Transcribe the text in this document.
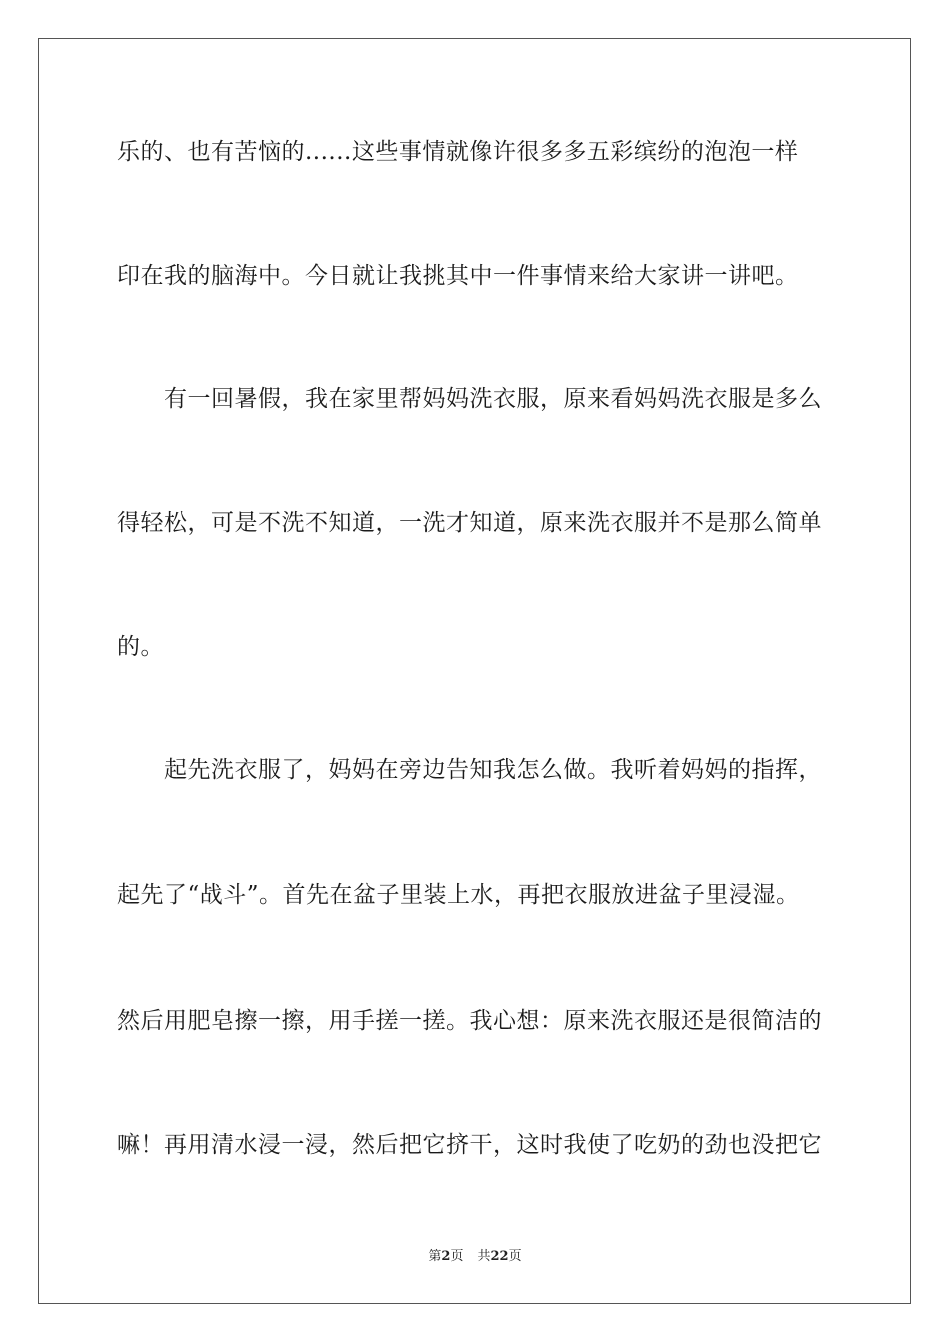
乐的、也有苦恼的......这些事情就像许很多多五彩缤纷的泡泡一样
印在我的脑海中。今日就让我挑其中一件事情来给大家讲一讲吧。
　　有一回暑假，我在家里帮妈妈洗衣服，原来看妈妈洗衣服是多么
得轻松，可是不洗不知道，一洗才知道，原来洗衣服并不是那么简单
的。
　　起先洗衣服了，妈妈在旁边告知我怎么做。我听着妈妈的指挥，
起先了“战斗”。首先在盆子里装上水，再把衣服放进盆子里浸湿。
然后用肥皂擦一擦，用手搓一搓。我心想：原来洗衣服还是很简洁的
嘛！再用清水浸一浸，然后把它挤干，这时我使了吃奶的劲也没把它
第2页 共22页
